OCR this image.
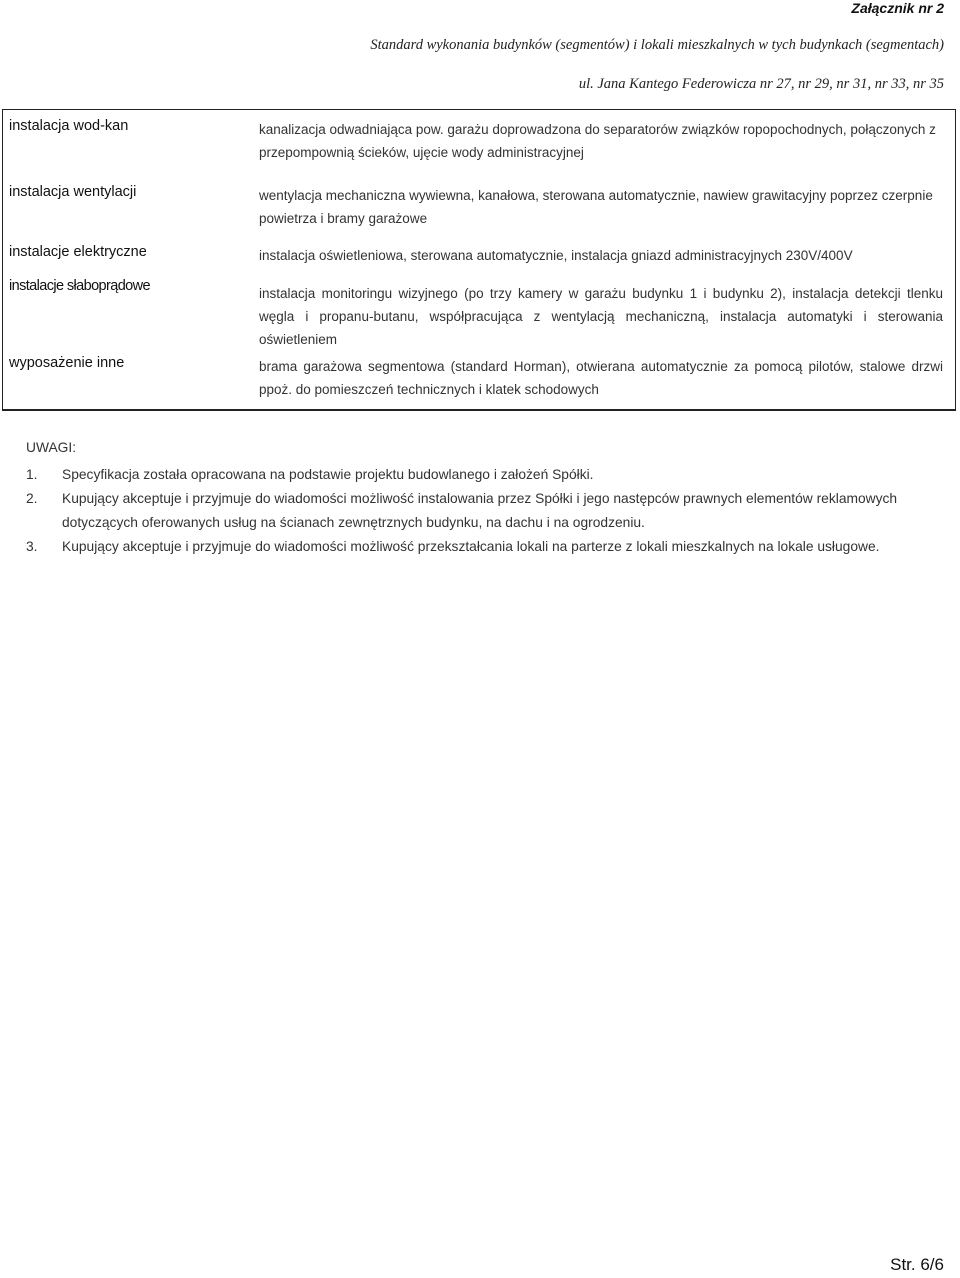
Załącznik nr 2
Standard wykonania budynków (segmentów) i lokali mieszkalnych w tych budynkach (segmentach)
ul. Jana Kantego Federowicza nr 27, nr 29, nr 31, nr 33, nr 35
instalacja wod-kan	kanalizacja odwadniająca pow. garażu doprowadzona do separatorów związków ropopochodnych, połączonych z przepompownią ścieków, ujęcie wody administracyjnej
instalacja wentylacji	wentylacja mechaniczna wywiewna, kanałowa, sterowana automatycznie, nawiew grawitacyjny poprzez czerpnie powietrza i bramy garażowe
instalacje elektryczne	instalacja oświetleniowa, sterowana automatycznie, instalacja gniazd administracyjnych 230V/400V
instalacje słaboprądowe	instalacja monitoringu wizyjnego (po trzy kamery w garażu budynku 1 i budynku 2), instalacja detekcji tlenku węgla i propanu-butanu, współpracująca z wentylacją mechaniczną, instalacja automatyki i sterowania oświetleniem
wyposażenie inne	brama garażowa segmentowa (standard Horman), otwierana automatycznie za pomocą pilotów, stalowe drzwi ppoż. do pomieszczeń technicznych i klatek schodowych
UWAGI:
1. Specyfikacja została opracowana na podstawie projektu budowlanego i założeń Spółki.
2. Kupujący akceptuje i przyjmuje do wiadomości możliwość instalowania przez Spółki i jego następców prawnych elementów reklamowych dotyczących oferowanych usług na ścianach zewnętrznych budynku, na dachu i na ogrodzeniu.
3. Kupujący akceptuje i przyjmuje do wiadomości możliwość przekształcania lokali na parterze z lokali mieszkalnych na lokale usługowe.
Str. 6/6
